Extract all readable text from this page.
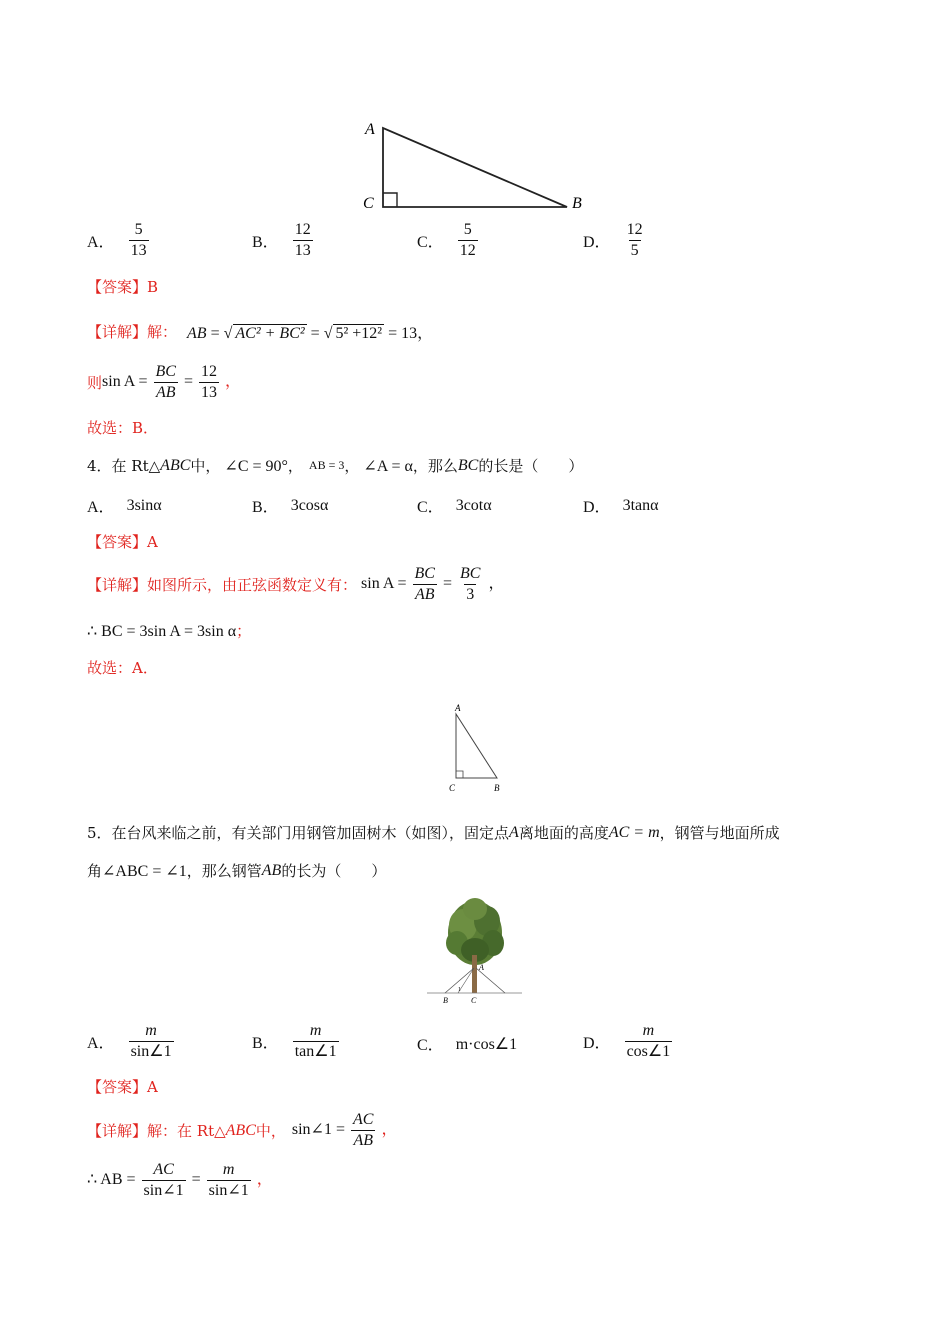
A
C	B
A． $\frac{5}{13}$	B． $\frac{12}{13}$	C． $\frac{5}{12}$	D． $\frac{12}{5}$
【答案】B
【详解】解： AB = √ AC² + BC² = √ 5² +12² = 13，
则 $\sin A = \frac{BC}{AB} = \frac{12}{13}$ ，
故选：B．
4．在 Rt△ ABC 中， ∠C = 90° ， AB = 3 ， ∠A = α ，那么 BC 的长是（　　）
A． 3sinα	B． 3cosα	C． 3cotα	D． 3tanα
【答案】A
【详解】 如图所示，由正弦函数定义有： $\sin A = \frac{BC}{AB} = \frac{BC}{3}$ ，
∴ BC = 3sin A = 3sin α ；
故选：A．
A
C	B
5．在台风来临之前，有关部门用钢管加固树木（如图），固定点 A 离地面的高度 AC = m ，钢管与地面所成
角 ∠ABC = ∠1 ，那么钢管 AB 的长为（　　）
A
1
B	C
A． $\frac{m}{\sin\angle 1}$	B． $\frac{m}{\tan\angle 1}$	C． m·cos∠1	D． $\frac{m}{\cos\angle 1}$
【答案】A
【详解】解：在 Rt△ ABC 中， sin∠1 = $\frac{AC}{AB}$ ，
∴ AB = $\frac{AC}{\sin\angle 1} = \frac{m}{\sin\angle 1}$ ，
